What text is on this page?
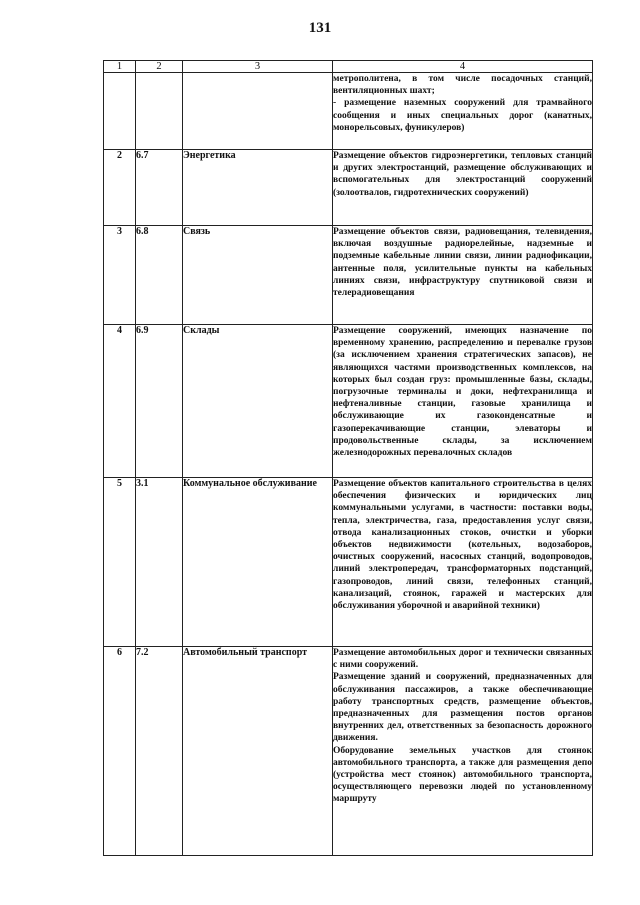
131
1	2	3	4

			метрополитена, в том числе посадочных станций, вентиляционных шахт;
- размещение наземных сооружений для трамвайного сообщения и иных специальных дорог (канатных, монорельсовых, фуникулеров)

2	6.7	Энергетика	Размещение объектов гидроэнергетики, тепловых станций и других электростанций, размещение обслуживающих и вспомогательных для электростанций сооружений (золоотвалов, гидротехнических сооружений)

3	6.8	Связь	Размещение объектов связи, радиовещания, телевидения, включая воздушные радиорелейные, надземные и подземные кабельные линии связи, линии радиофикации, антенные поля, усилительные пункты на кабельных линиях связи, инфраструктуру спутниковой связи и телерадиовещания

4	6.9	Склады	Размещение сооружений, имеющих назначение по временному хранению, распределению и перевалке грузов (за исключением хранения стратегических запасов), не являющихся частями производственных комплексов, на которых был создан груз: промышленные базы, склады, погрузочные терминалы и доки, нефтехранилища и нефтеналивные станции, газовые хранилища и обслуживающие их газоконденсатные и газоперекачивающие станции, элеваторы и продовольственные склады, за исключением железнодорожных перевалочных складов

5	3.1	Коммунальное обслуживание	Размещение объектов капитального строительства в целях обеспечения физических и юридических лиц коммунальными услугами, в частности: поставки воды, тепла, электричества, газа, предоставления услуг связи, отвода канализационных стоков, очистки и уборки объектов недвижимости (котельных, водозаборов, очистных сооружений, насосных станций, водопроводов, линий электропередач, трансформаторных подстанций, газопроводов, линий связи, телефонных станций, канализаций, стоянок, гаражей и мастерских для обслуживания уборочной и аварийной техники)

6	7.2	Автомобильный транспорт	Размещение автомобильных дорог и технически связанных с ними сооружений.
Размещение зданий и сооружений, предназначенных для обслуживания пассажиров, а также обеспечивающие работу транспортных средств, размещение объектов, предназначенных для размещения постов органов внутренних дел, ответственных за безопасность дорожного движения.
Оборудование земельных участков для стоянок автомобильного транспорта, а также для размещения депо (устройства мест стоянок) автомобильного транспорта, осуществляющего перевозки людей по установленному маршруту
